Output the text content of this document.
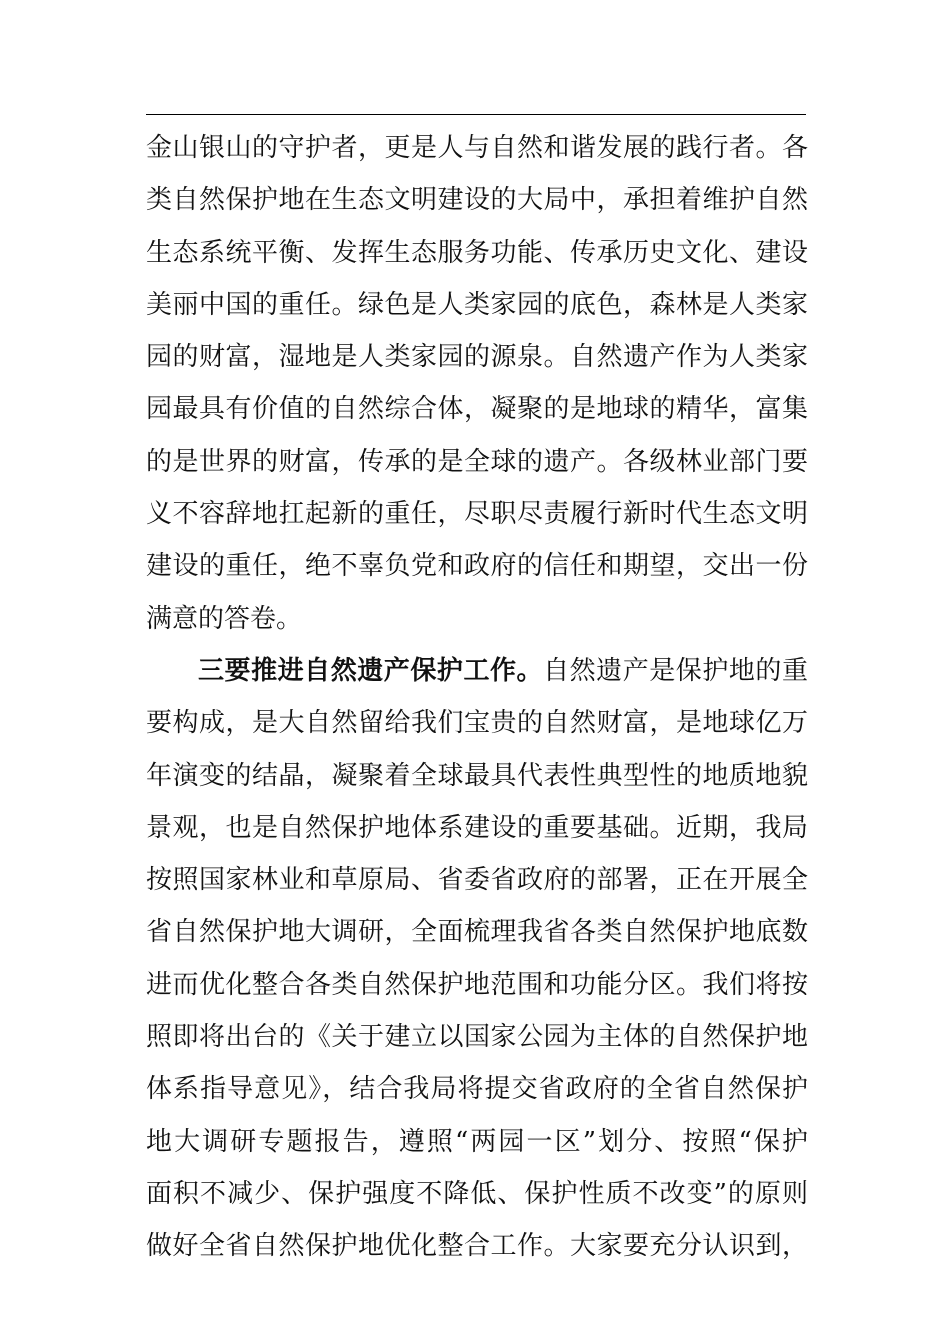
金山银山的守护者，更是人与自然和谐发展的践行者。各
类自然保护地在生态文明建设的大局中，承担着维护自然
生态系统平衡、发挥生态服务功能、传承历史文化、建设
美丽中国的重任。绿色是人类家园的底色，森林是人类家
园的财富，湿地是人类家园的源泉。自然遗产作为人类家
园最具有价值的自然综合体，凝聚的是地球的精华，富集
的是世界的财富，传承的是全球的遗产。各级林业部门要
义不容辞地扛起新的重任，尽职尽责履行新时代生态文明
建设的重任，绝不辜负党和政府的信任和期望，交出一份
满意的答卷。
三要推进自然遗产保护工作。自然遗产是保护地的重
要构成，是大自然留给我们宝贵的自然财富，是地球亿万
年演变的结晶，凝聚着全球最具代表性典型性的地质地貌
景观，也是自然保护地体系建设的重要基础。近期，我局
按照国家林业和草原局、省委省政府的部署，正在开展全
省自然保护地大调研，全面梳理我省各类自然保护地底数
进而优化整合各类自然保护地范围和功能分区。我们将按
照即将出台的《关于建立以国家公园为主体的自然保护地
体系指导意见》，结合我局将提交省政府的全省自然保护
地大调研专题报告，遵照“两园一区”划分、按照“保护
面积不减少、保护强度不降低、保护性质不改变”的原则
做好全省自然保护地优化整合工作。大家要充分认识到，
